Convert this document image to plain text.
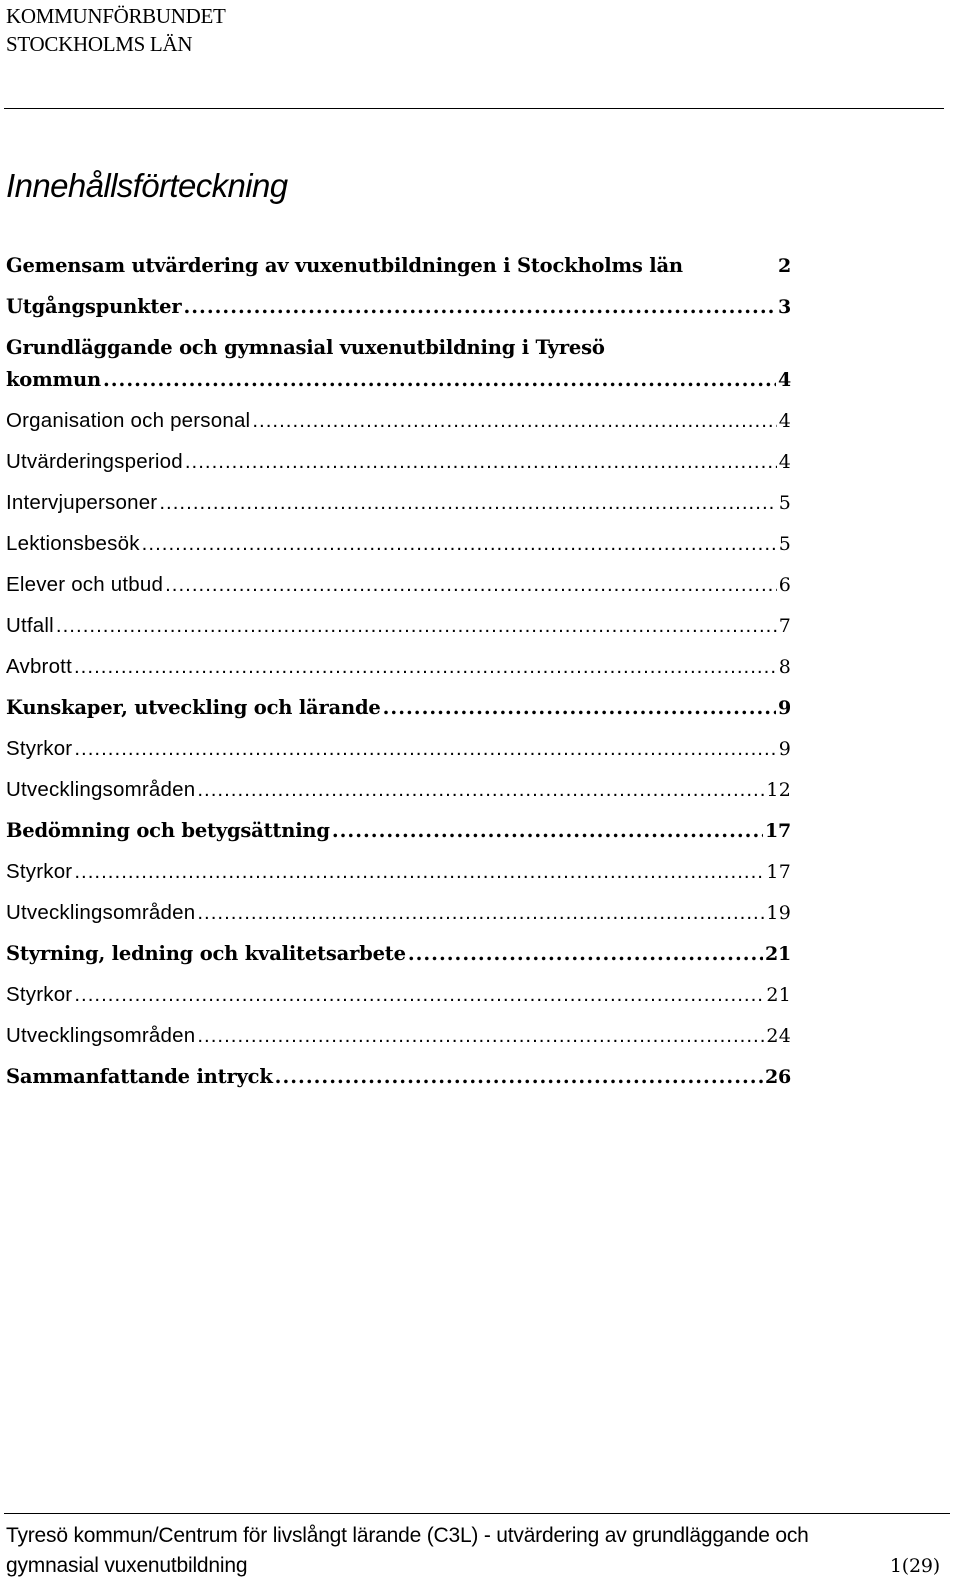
KOMMUNFÖRBUNDET
STOCKHOLMS LÄN
Innehållsförteckning
Gemensam utvärdering av vuxenutbildningen i Stockholms län	2
Utgångspunkter .....	3
Grundläggande och gymnasial vuxenutbildning i Tyresö
kommun .....	4
Organisation och personal .....	4
Utvärderingsperiod .....	4
Intervjupersoner .....	5
Lektionsbesök .....	5
Elever och utbud .....	6
Utfall .....	7
Avbrott .....	8
Kunskaper, utveckling och lärande .....	9
Styrkor .....	9
Utvecklingsområden .....	12
Bedömning och betygsättning .....	17
Styrkor .....	17
Utvecklingsområden .....	19
Styrning, ledning och kvalitetsarbete .....	21
Styrkor .....	21
Utvecklingsområden .....	24
Sammanfattande intryck .....	26
Tyresö kommun/Centrum för livslångt lärande (C3L) - utvärdering av grundläggande och
gymnasial vuxenutbildning	1(29)
